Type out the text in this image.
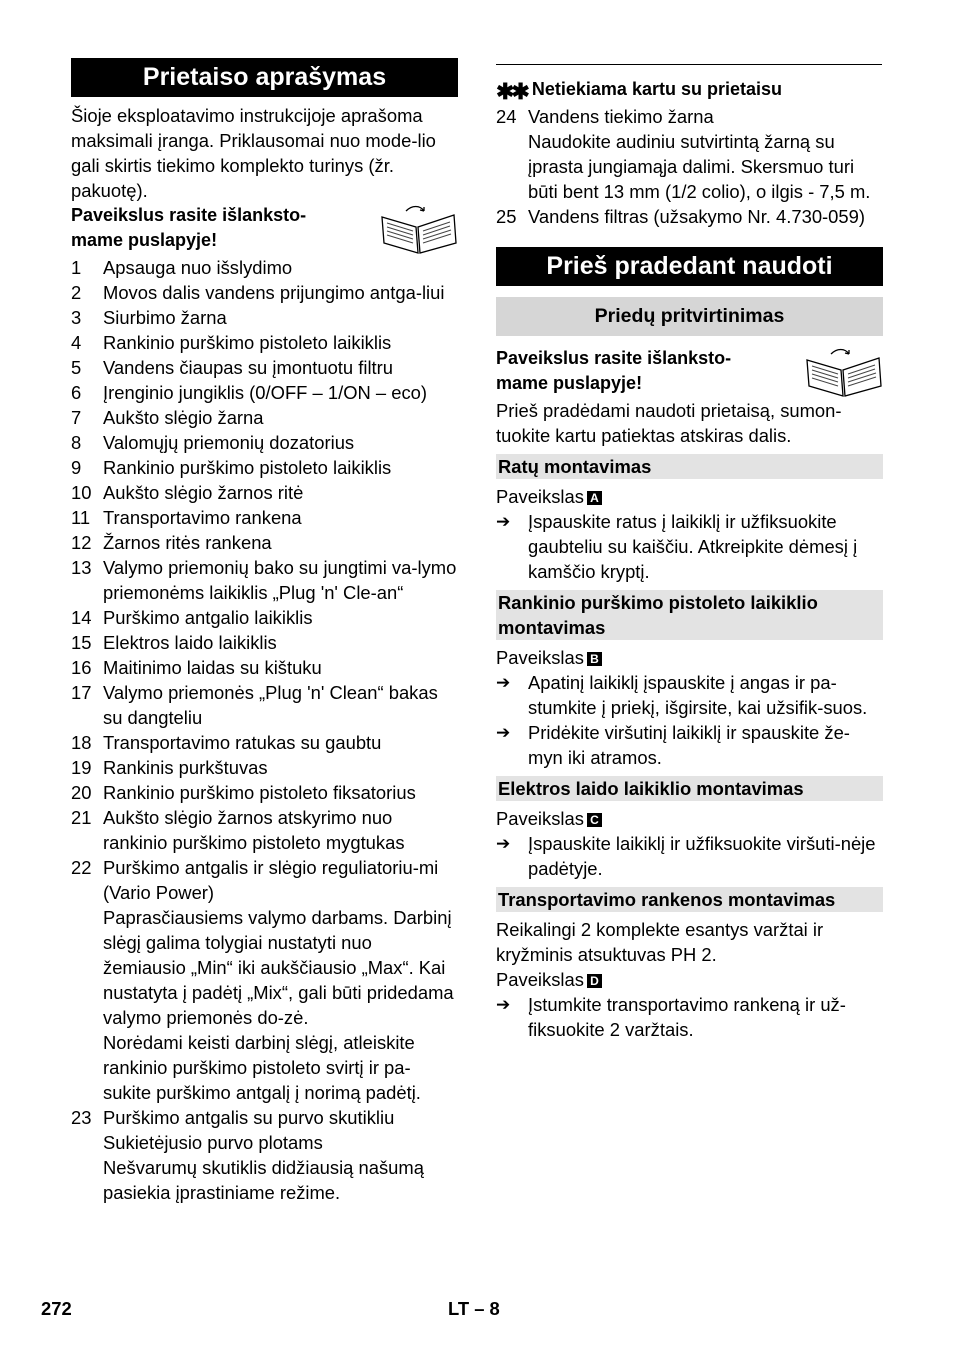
Prietaiso aprašymas

Šioje eksploatavimo instrukcijoje aprašoma maksimali įranga. Priklausomai nuo mode-lio gali skirtis tiekimo komplekto turinys (žr. pakuotę).

Paveikslus rasite išlanksto-
mame puslapyje!
1	Apsauga nuo išslydimo
2	Movos dalis vandens prijungimo antga-liui
3	Siurbimo žarna
4	Rankinio purškimo pistoleto laikiklis
5	Vandens čiaupas su įmontuotu filtru
6	Įrenginio jungiklis (0/OFF – 1/ON – eco)
7	Aukšto slėgio žarna
8	Valomųjų priemonių dozatorius
9	Rankinio purškimo pistoleto laikiklis
10 Aukšto slėgio žarnos ritė
11 Transportavimo rankena
12 Žarnos ritės rankena
13 Valymo priemonių bako su jungtimi va-lymo priemonėms laikiklis „Plug 'n' Cle-an“
14 Purškimo antgalio laikiklis
15 Elektros laido laikiklis
16 Maitinimo laidas su kištuku
17 Valymo priemonės „Plug 'n' Clean“ bakas su dangteliu
18 Transportavimo ratukas su gaubtu
19 Rankinis purkštuvas
20 Rankinio purškimo pistoleto fiksatorius
21 Aukšto slėgio žarnos atskyrimo nuo rankinio purškimo pistoleto mygtukas
22 Purškimo antgalis ir slėgio reguliatoriu-mi (Vario Power)

Paprasčiausiems valymo darbams. Darbinį slėgį galima tolygiai nustatyti nuo žemiausio „Min“ iki aukščiausio „Max“. Kai nustatyta į padėtį „Mix“, gali būti pridedama valymo priemonės do-zė.

Norėdami keisti darbinį slėgį, atleiskite rankinio purškimo pistoleto svirtį ir pa-sukite purškimo antgalį į norimą padėtį.

23 Purškimo antgalis su purvo skutikliu

Sukietėjusio purvo plotams

Nešvarumų skutiklis didžiausią našumą pasiekia įprastiniame režime.

✱✱ Netiekiama kartu su prietaisu
24 Vandens tiekimo žarna

Naudokite audiniu sutvirtintą žarną su įprasta jungiamąja dalimi. Skersmuo turi būti bent 13 mm (1/2 colio), o ilgis - 7,5 m.

25 Vandens filtras (užsakymo Nr. 4.730-059)
Prieš pradedant naudoti
Priedų pritvirtinimas
Paveikslus rasite išlanksto-
mame puslapyje!

Prieš pradėdami naudoti prietaisą, sumon-tuokite kartu patiektas atskiras dalis.

Ratų montavimas

Paveikslas A

➔ Įspauskite ratus į laikiklį ir užfiksuokite gaubteliu su kaiščiu. Atkreipkite dėmesį į kamščio kryptį.
Rankinio purškimo pistoleto laikiklio montavimas

Paveikslas B

➔ Apatinį laikiklį įspauskite į angas ir pa-stumkite į priekį, išgirsite, kai užsifik-suos.
➔ Pridėkite viršutinį laikiklį ir spauskite že-myn iki atramos.
Elektros laido laikiklio montavimas

Paveikslas C

➔ Įspauskite laikiklį ir užfiksuokite viršuti-nėje padėtyje.
Transportavimo rankenos montavimas

Reikalingi 2 komplekte esantys varžtai ir kryžminis atsuktuvas PH 2.

Paveikslas D

➔ Įstumkite transportavimo rankeną ir už-fiksuokite 2 varžtais.
272	LT – 8
